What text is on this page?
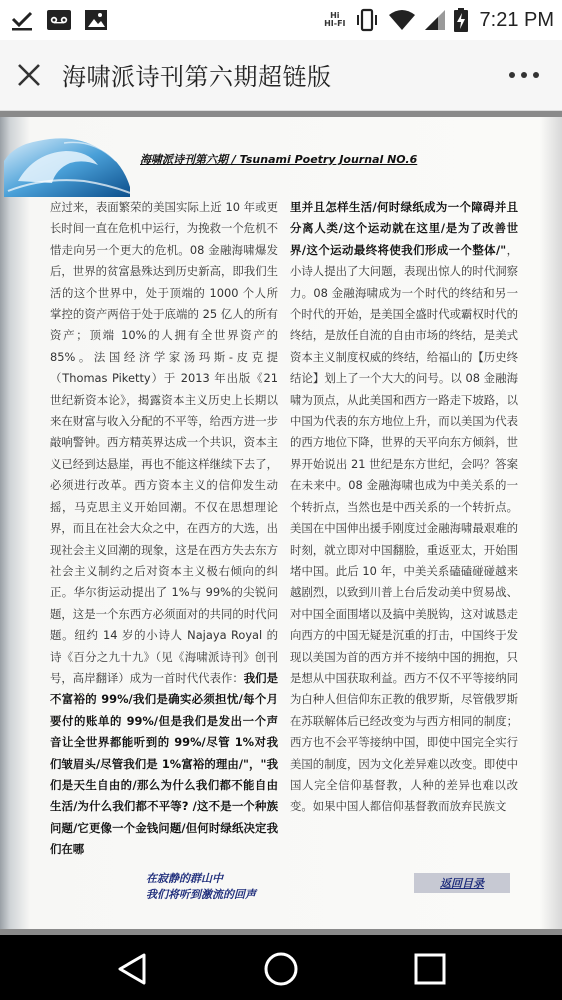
Hi
HI-FI	7:21 PM
海啸派诗刊第六期超链版
海啸派诗刊第六期 / Tsunami Poetry Journal NO.6
应过来，表面繁荣的美国实际上近 10 年或更长时间一直在危机中运行，为挽救一个危机不惜走向另一个更大的危机。08 金融海啸爆发后，世界的贫富悬殊达到历史新高，即我们生活的这个世界中，处于顶端的 1000 个人所掌控的资产两倍于处于底端的 25 亿人的所有资产；顶端 10%的人拥有全世界资产的 85%。法国经济学家汤玛斯-皮克提（Thomas Pikettу）于 2013 年出版《21 世纪新资本论》，揭露资本主义历史上长期以来在财富与收入分配的不平等，给西方进一步敲响警钟。西方精英界达成一个共识，资本主义已经到达悬崖，再也不能这样继续下去了，必须进行改革。西方资本主义的信仰发生动摇，马克思主义开始回潮。不仅在思想理论界，而且在社会大众之中，在西方的大选，出现社会主义回潮的现象，这是在西方失去东方社会主义制约之后对资本主义极右倾向的纠正。华尔街运动提出了 1%与 99%的尖锐问题，这是一个东西方必须面对的共同的时代问题。纽约 14 岁的小诗人 Najaya Royal 的诗《百分之九十九》（见《海啸派诗刊》创刊号，高岸翻译）成为一首时代代表作：我们是不富裕的 99%/我们是确实必须担忧/每个月要付的账单的 99%/但是我们是发出一个声音让全世界都能听到的 99%/尽管 1%对我们皱眉头/尽管我们是 1%富裕的理由/"，"我们是天生自由的/那么为什么我们都不能自由生活/为什么我们都不平等? /这不是一个种族问题/它更像一个金钱问题/但何时绿纸决定我们在哪
里并且怎样生活/何时绿纸成为一个障碍并且分离人类/这个运动就在这里/是为了改善世界/这个运动最终将使我们形成一个整体/"，小诗人提出了大问题，表现出惊人的时代洞察力。08 金融海啸成为一个时代的终结和另一个时代的开始，是美国全盛时代或霸权时代的终结，是放任自流的自由市场的终结，是美式资本主义制度权威的终结，给福山的【历史终结论】划上了一个大大的问号。以 08 金融海啸为顶点，从此美国和西方一路走下坡路，以中国为代表的东方地位上升，而以美国为代表的西方地位下降，世界的天平向东方倾斜，世界开始说出 21 世纪是东方世纪，会吗？答案在未来中。08 金融海啸也成为中美关系的一个转折点，当然也是中西关系的一个转折点。美国在中国伸出援手刚度过金融海啸最艰难的时刻，就立即对中国翻脸，重返亚太，开始围堵中国。此后 10 年，中美关系磕磕碰碰越来越剧烈，以致到川普上台后发动美中贸易战、对中国全面围堵以及搞中美脱钩，这对诚恳走向西方的中国无疑是沉重的打击，中国终于发现以美国为首的西方并不接纳中国的拥抱，只是想从中国获取利益。西方不仅不平等接纳同为白种人但信仰东正教的俄罗斯，尽管俄罗斯在苏联解体后已经改变为与西方相同的制度；西方也不会平等接纳中国，即使中国完全实行美国的制度，因为文化差异难以改变。即使中国人完全信仰基督教，人种的差异也难以改变。如果中国人都信仰基督教而放弃民族文
在寂静的群山中
我们将听到激流的回声
返回目录
